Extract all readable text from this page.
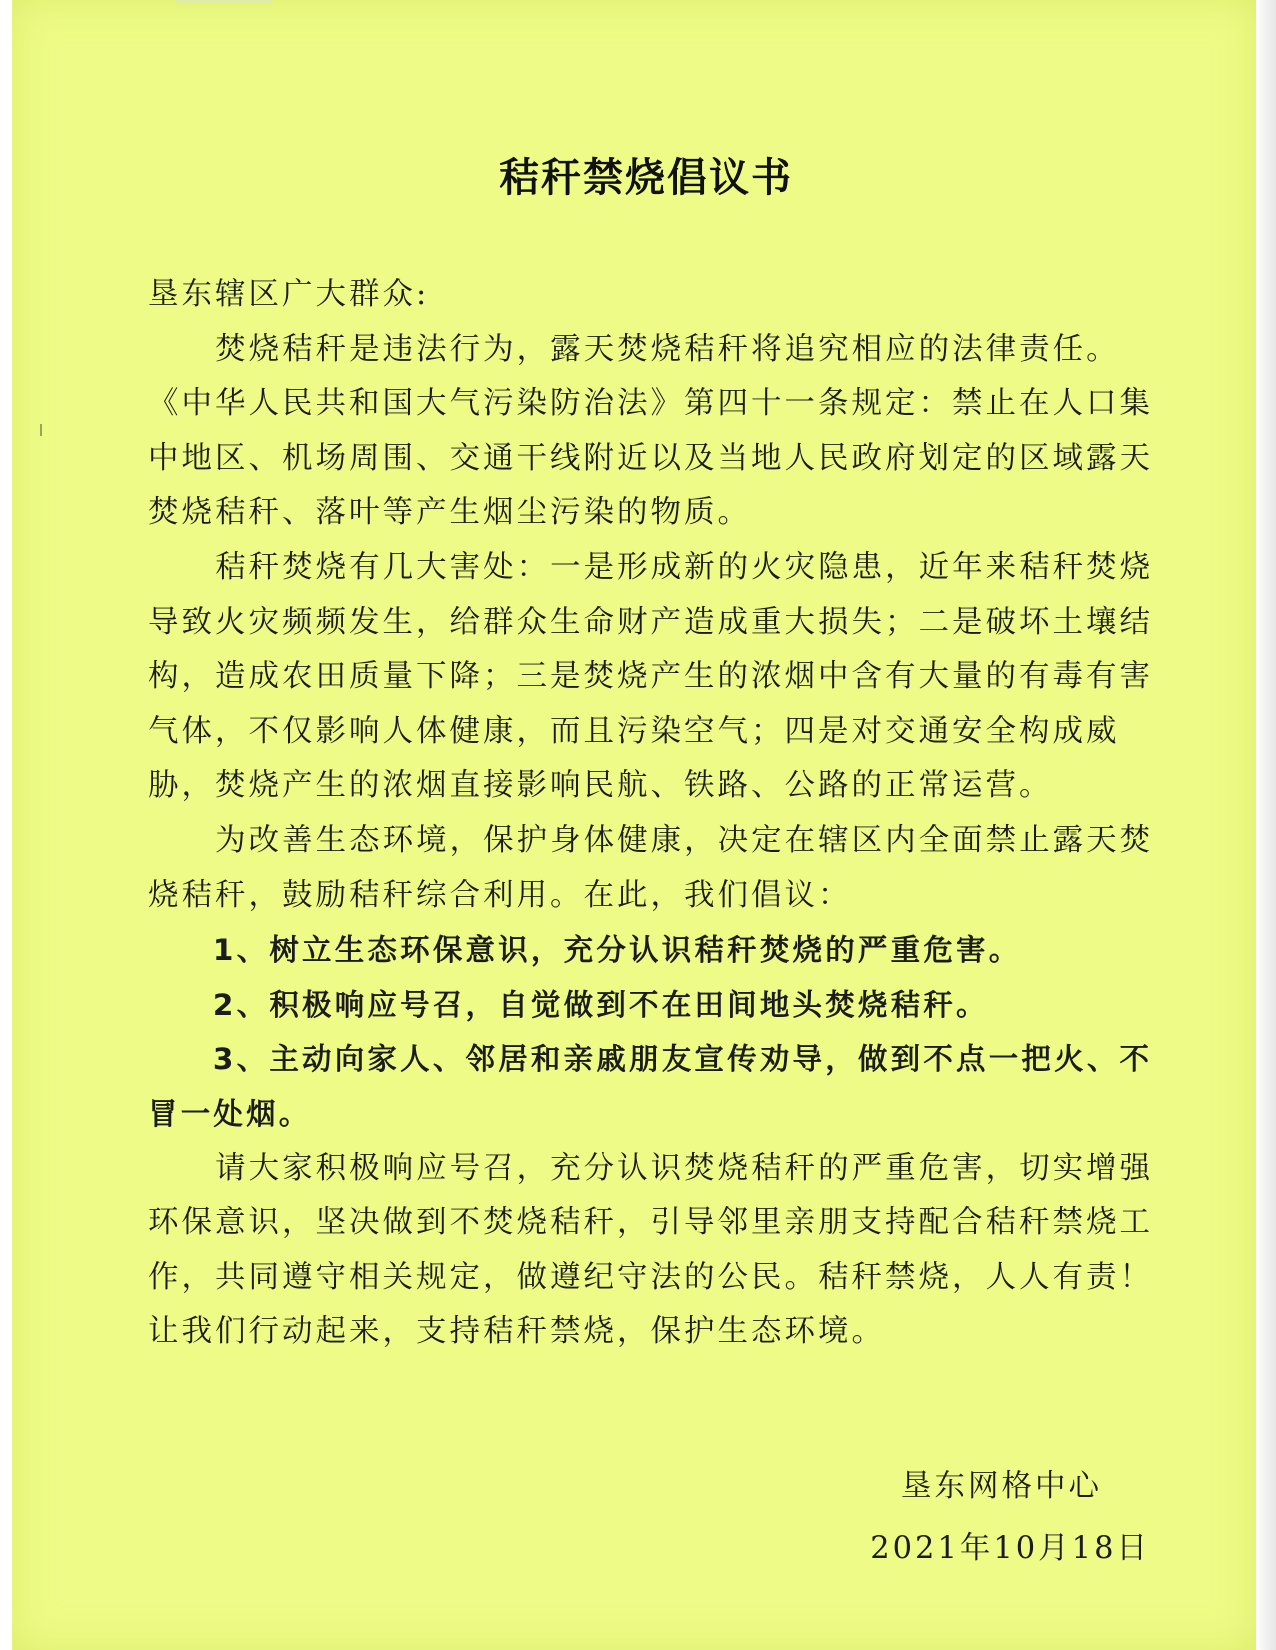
秸秆禁烧倡议书

垦东辖区广大群众:

焚烧秸秆是违法行为，露天焚烧秸秆将追究相应的法律责任。《中华人民共和国大气污染防治法》第四十一条规定：禁止在人口集中地区、机场周围、交通干线附近以及当地人民政府划定的区域露天焚烧秸秆、落叶等产生烟尘污染的物质。

秸秆焚烧有几大害处：一是形成新的火灾隐患，近年来秸秆焚烧导致火灾频频发生，给群众生命财产造成重大损失；二是破坏土壤结构，造成农田质量下降；三是焚烧产生的浓烟中含有大量的有毒有害气体，不仅影响人体健康，而且污染空气；四是对交通安全构成威胁，焚烧产生的浓烟直接影响民航、铁路、公路的正常运营。

为改善生态环境，保护身体健康，决定在辖区内全面禁止露天焚烧秸秆，鼓励秸秆综合利用。在此，我们倡议：

1、树立生态环保意识，充分认识秸秆焚烧的严重危害。

2、积极响应号召，自觉做到不在田间地头焚烧秸秆。

3、主动向家人、邻居和亲戚朋友宣传劝导，做到不点一把火、不冒一处烟。

请大家积极响应号召，充分认识焚烧秸秆的严重危害，切实增强环保意识，坚决做到不焚烧秸秆，引导邻里亲朋支持配合秸秆禁烧工作，共同遵守相关规定，做遵纪守法的公民。秸秆禁烧，人人有责！让我们行动起来，支持秸秆禁烧，保护生态环境。

垦东网格中心
2021年10月18日
